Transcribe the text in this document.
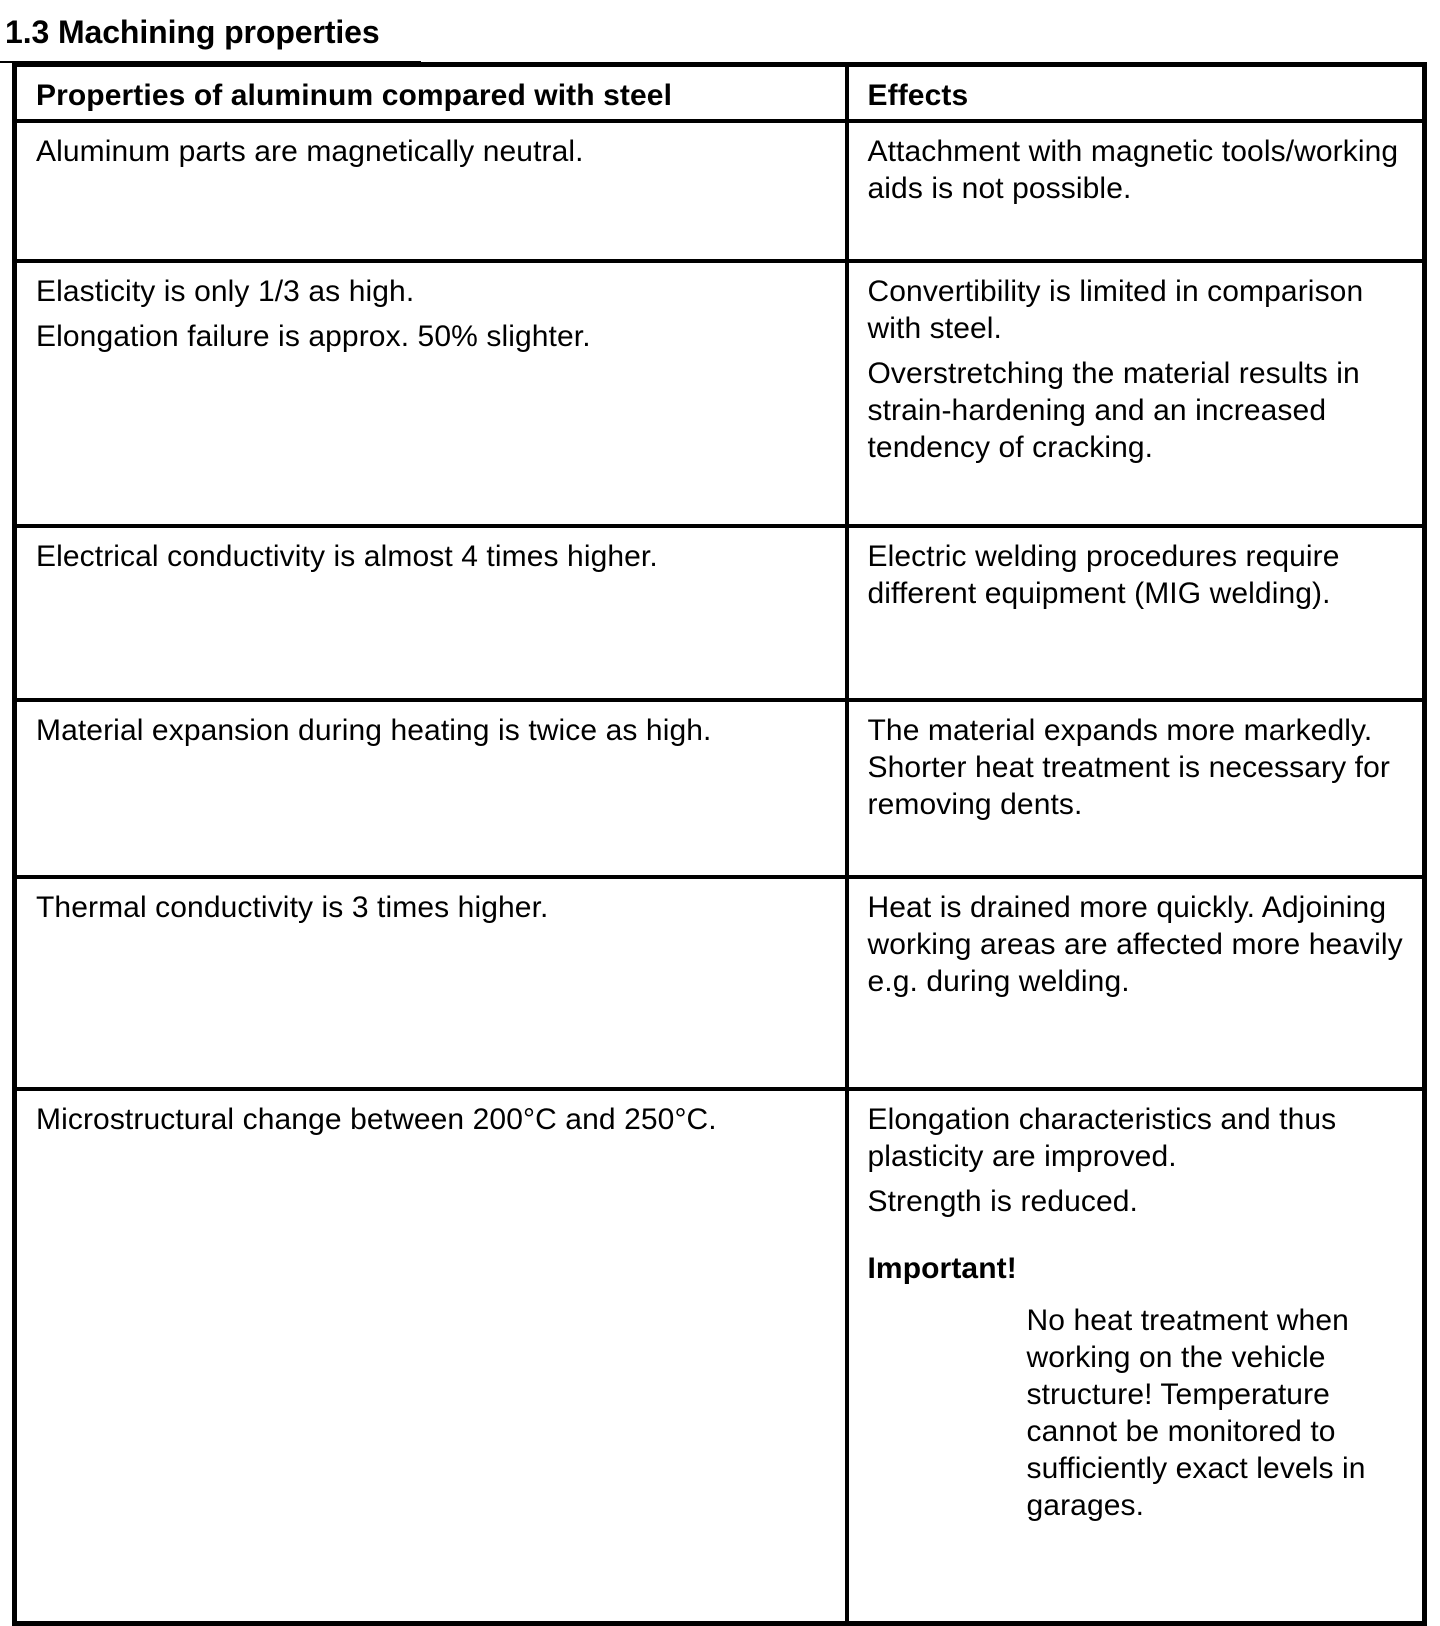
1.3 Machining properties
Properties of aluminum compared with steel	Effects

Aluminum parts are magnetically neutral.	Attachment with magnetic tools/working aids is not possible.

Elasticity is only 1/3 as high.
Elongation failure is approx. 50% slighter.	Convertibility is limited in comparison with steel.
Overstretching the material results in strain-hardening and an increased tendency of cracking.

Electrical conductivity is almost 4 times higher.	Electric welding procedures require different equipment (MIG welding).

Material expansion during heating is twice as high.	The material expands more markedly. Shorter heat treatment is necessary for removing dents.

Thermal conductivity is 3 times higher.	Heat is drained more quickly. Adjoining working areas are affected more heavily e.g. during welding.

Microstructural change between 200°C and 250°C.	Elongation characteristics and thus plasticity are improved.
Strength is reduced.
Important!
No heat treatment when working on the vehicle structure! Temperature cannot be monitored to sufficiently exact levels in garages.
